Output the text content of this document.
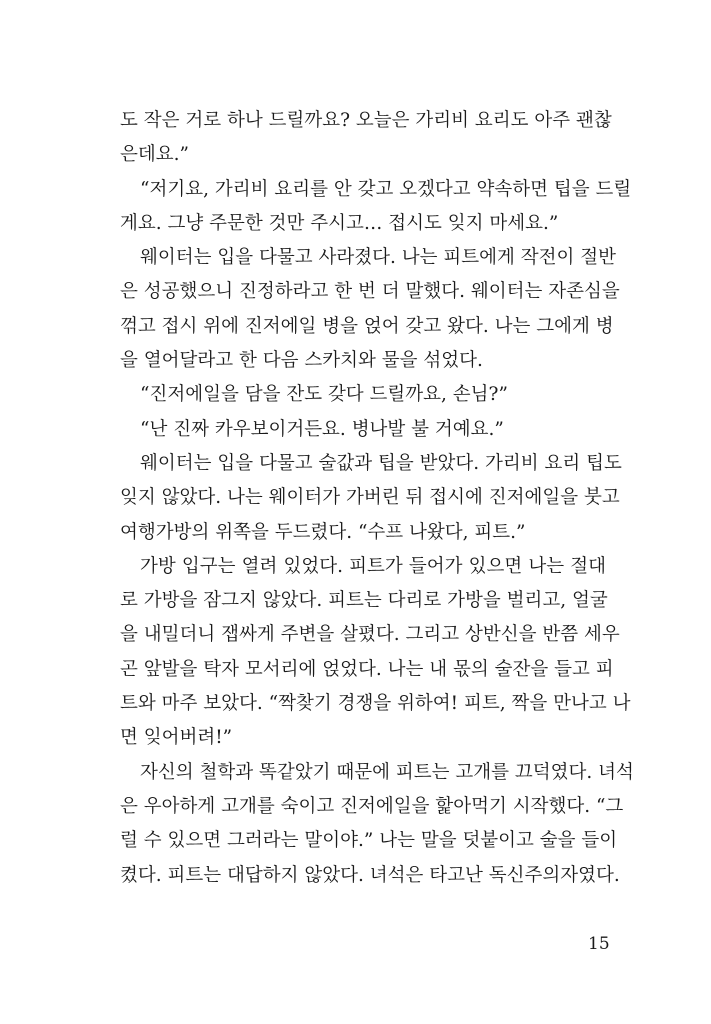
도 작은 거로 하나 드릴까요? 오늘은 가리비 요리도 아주 괜찮
은데요.”
“저기요, 가리비 요리를 안 갖고 오겠다고 약속하면 팁을 드릴
게요. 그냥 주문한 것만 주시고… 접시도 잊지 마세요.”
웨이터는 입을 다물고 사라졌다. 나는 피트에게 작전이 절반
은 성공했으니 진정하라고 한 번 더 말했다. 웨이터는 자존심을
꺾고 접시 위에 진저에일 병을 얹어 갖고 왔다. 나는 그에게 병
을 열어달라고 한 다음 스카치와 물을 섞었다.
“진저에일을 담을 잔도 갖다 드릴까요, 손님?”
“난 진짜 카우보이거든요. 병나발 불 거예요.”
웨이터는 입을 다물고 술값과 팁을 받았다. 가리비 요리 팁도
잊지 않았다. 나는 웨이터가 가버린 뒤 접시에 진저에일을 붓고
여행가방의 위쪽을 두드렸다. “수프 나왔다, 피트.”
가방 입구는 열려 있었다. 피트가 들어가 있으면 나는 절대
로 가방을 잠그지 않았다. 피트는 다리로 가방을 벌리고, 얼굴
을 내밀더니 잽싸게 주변을 살폈다. 그리고 상반신을 반쯤 세우
곤 앞발을 탁자 모서리에 얹었다. 나는 내 몫의 술잔을 들고 피
트와 마주 보았다. “짝찾기 경쟁을 위하여! 피트, 짝을 만나고 나
면 잊어버려!”
자신의 철학과 똑같았기 때문에 피트는 고개를 끄덕였다. 녀석
은 우아하게 고개를 숙이고 진저에일을 핥아먹기 시작했다. “그
럴 수 있으면 그러라는 말이야.” 나는 말을 덧붙이고 술을 들이
켰다. 피트는 대답하지 않았다. 녀석은 타고난 독신주의자였다.
15
